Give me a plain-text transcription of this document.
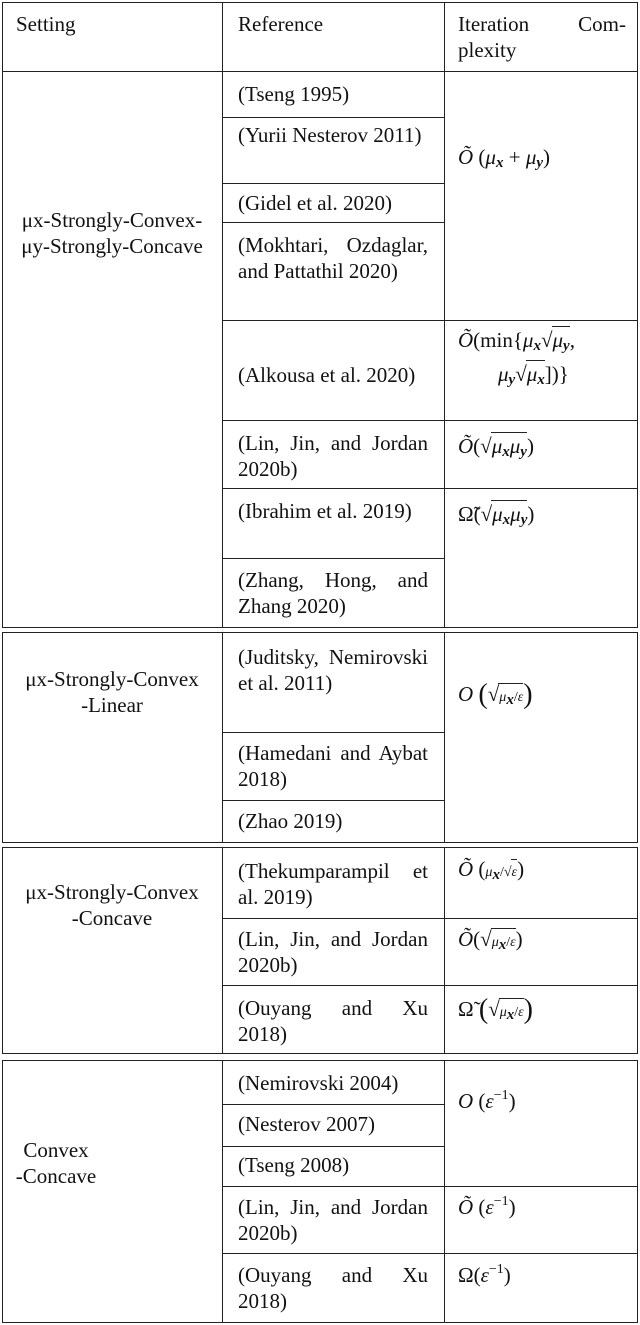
Setting	Reference	Iteration Com-
plexity
μx-Strongly-Convex-
μy-Strongly-Concave
(Tseng 1995)
(Yurii Nesterov 2011)
(Gidel et al. 2020)
(Mokhtari, Ozdaglar, and Pattathil 2020)
(Alkousa et al. 2020)
(Lin, Jin, and Jordan 2020b)
(Ibrahim et al. 2019)
(Zhang, Hong, and Zhang 2020)
Õ (μx + μy)
Õ(min{μx√μy,
μy√μx])}
Õ(√μxμy)
Ω̃(√μxμy)
μx-Strongly-Convex
-Linear
(Juditsky, Nemirovski et al. 2011)
(Hamedani and Aybat 2018)
(Zhao 2019)
O (√μx/ε)
μx-Strongly-Convex
-Concave
(Thekumparampil et al. 2019)
(Lin, Jin, and Jordan 2020b)
(Ouyang and Xu 2018)
Õ (μx/√ε)
Õ(√μx/ε)
Ω̃ (√μx/ε)
Convex
-Concave
(Nemirovski 2004)
(Nesterov 2007)
(Tseng 2008)
(Lin, Jin, and Jordan 2020b)
(Ouyang and Xu 2018)
O $(\varepsilon^{-1})$
Õ $(\varepsilon^{-1})$
$\Omega(\varepsilon^{-1})$
